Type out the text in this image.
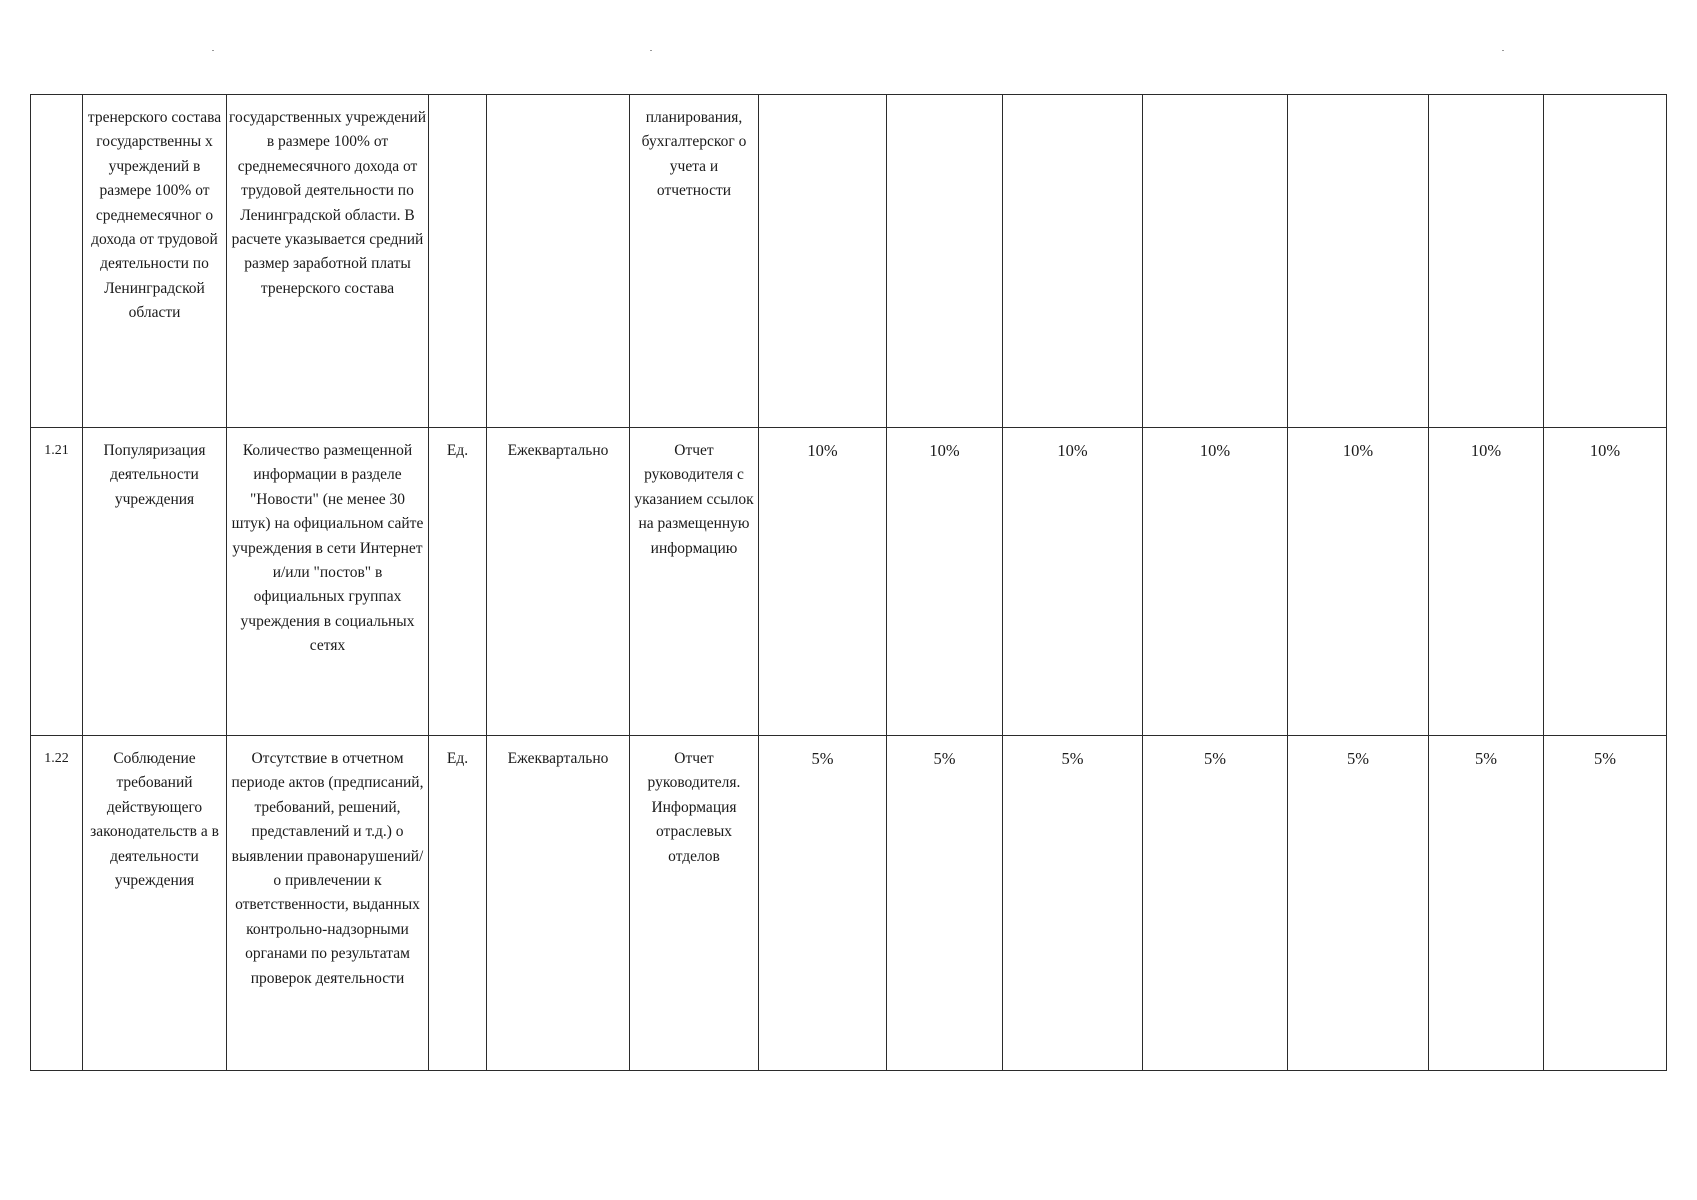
	тренерского состава государственны х учреждений в размере 100% от среднемесячног о дохода от трудовой деятельности по Ленинградской области	государственных учреждений в размере 100% от среднемесячного дохода от трудовой деятельности по Ленинградской области. В расчете указывается средний размер заработной платы тренерского состава			планирования, бухгалтерског о учета и отчетности							
1.21	Популяризация деятельности учреждения	Количество размещенной информации в разделе "Новости" (не менее 30 штук) на официальном сайте учреждения в сети Интернет и/или "постов" в официальных группах учреждения в социальных сетях	Ед.	Ежеквартально	Отчет руководителя с указанием ссылок на размещенную информацию	10%	10%	10%	10%	10%	10%	10%
1.22	Соблюдение требований действующего законодательств а в деятельности учреждения	Отсутствие в отчетном периоде актов (предписаний, требований, решений, представлений и т.д.) о выявлении правонарушений/ о привлечении к ответственности, выданных контрольно-надзорными органами по результатам проверок деятельности	Ед.	Ежеквартально	Отчет руководителя. Информация отраслевых отделов	5%	5%	5%	5%	5%	5%	5%
